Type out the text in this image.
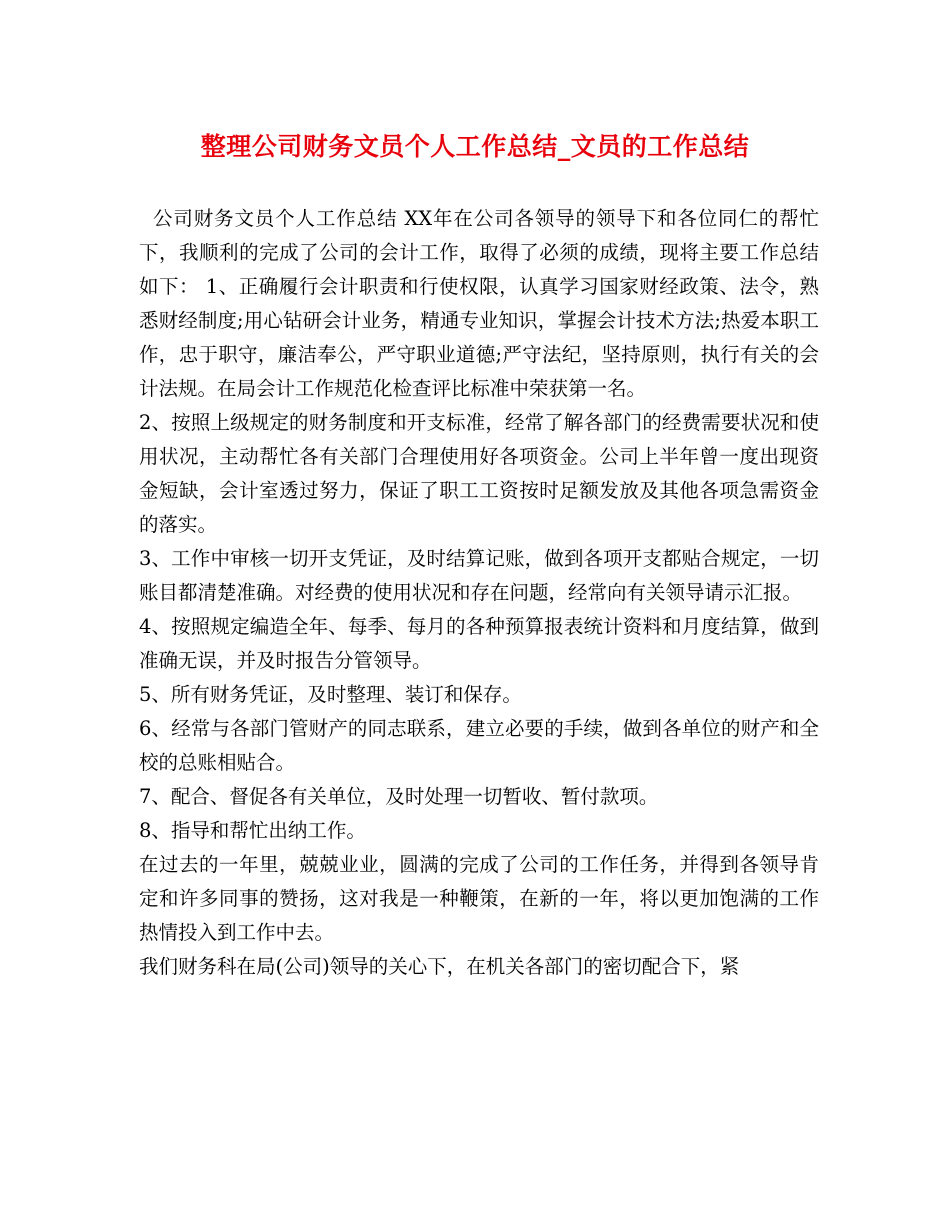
整理公司财务文员个人工作总结_文员的工作总结

公司财务文员个人工作总结 XX年在公司各领导的领导下和各位同仁的帮忙下，我顺利的完成了公司的会计工作，取得了必须的成绩，现将主要工作总结如下： 1、正确履行会计职责和行使权限，认真学习国家财经政策、法令，熟悉财经制度;用心钻研会计业务，精通专业知识，掌握会计技术方法;热爱本职工作，忠于职守，廉洁奉公，严守职业道德;严守法纪，坚持原则，执行有关的会计法规。在局会计工作规范化检查评比标准中荣获第一名。

2、按照上级规定的财务制度和开支标准，经常了解各部门的经费需要状况和使用状况，主动帮忙各有关部门合理使用好各项资金。公司上半年曾一度出现资金短缺，会计室透过努力，保证了职工工资按时足额发放及其他各项急需资金的落实。

3、工作中审核一切开支凭证，及时结算记账，做到各项开支都贴合规定，一切账目都清楚准确。对经费的使用状况和存在问题，经常向有关领导请示汇报。

4、按照规定编造全年、每季、每月的各种预算报表统计资料和月度结算，做到准确无误，并及时报告分管领导。

5、所有财务凭证，及时整理、装订和保存。

6、经常与各部门管财产的同志联系，建立必要的手续，做到各单位的财产和全校的总账相贴合。

7、配合、督促各有关单位，及时处理一切暂收、暂付款项。

8、指导和帮忙出纳工作。

在过去的一年里，兢兢业业，圆满的完成了公司的工作任务，并得到各领导肯定和许多同事的赞扬，这对我是一种鞭策，在新的一年，将以更加饱满的工作热情投入到工作中去。

我们财务科在局(公司)领导的关心下，在机关各部门的密切配合下，紧
